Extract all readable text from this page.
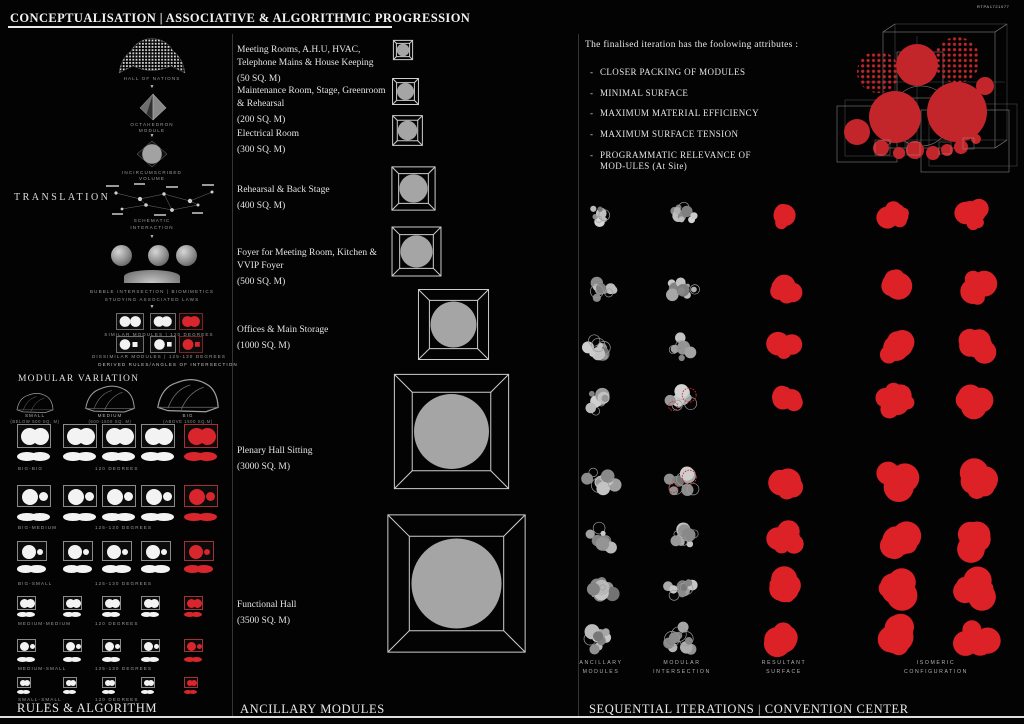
CONCEPTUALISATION | ASSOCIATIVE & ALGORITHMIC PROGRESSION
RTPA1721077
TRANSLATION
HALL OF NATIONS
▼
OCTAHEDRON
MODULE
▼
INCIRCUMSCRIBED
VOLUME
SCHEMATIC
INTERACTION
▼
BUBBLE INTERSECTION | BIOMIMETICS
STUDYING ASSOCIATED LAWS
▼
SIMILAR MODULES | 120 DEGREES
DISSIMILAR MODULES | 125-130 DEGREES
DERIVED RULES/ANGLES OF INTERSECTION
MODULAR VARIATION
SMALL
(BELOW 500 SQ. M)
MEDIUM
(500-1500 SQ. M)
BIG
(ABOVE 1500 SQ.M)
The finalised iteration has the foolowing attributes :
- CLOSER PACKING OF MODULES
- MINIMAL SURFACE
- MAXIMUM MATERIAL EFFICIENCY
- MAXIMUM SURFACE TENSION
- PROGRAMMATIC RELEVANCE OF MOD-ULES (At Site)
ANCILLARY
MODULES
MODULAR
INTERSECTION
RESULTANT
SURFACE
ISOMERIC
CONFIGURATION
RULES & ALGORITHM	ANCILLARY MODULES	SEQUENTIAL ITERATIONS | CONVENTION CENTER
Meeting Rooms, A.H.U, HVAC, Telephone Mains & House Keeping
(50 SQ. M)
Maintenance Room, Stage, Greenroom & Rehearsal
(200 SQ. M)
Electrical Room
(300 SQ. M)
Rehearsal & Back Stage
(400 SQ. M)
Foyer for Meeting Room, Kitchen & VVIP Foyer
(500 SQ. M)
Offices & Main Storage
(1000 SQ. M)
Plenary Hall Sitting
(3000 SQ. M)
Functional Hall
(3500 SQ. M)
BIG-BIG	120 DEGREES
BIG-MEDIUM	125-130 DEGREES
BIG-SMALL	125-130 DEGREES
MEDIUM-MEDIUM	120 DEGREES
MEDIUM-SMALL	125-130 DEGREES
SMALL-SMALL	120 DEGREES
